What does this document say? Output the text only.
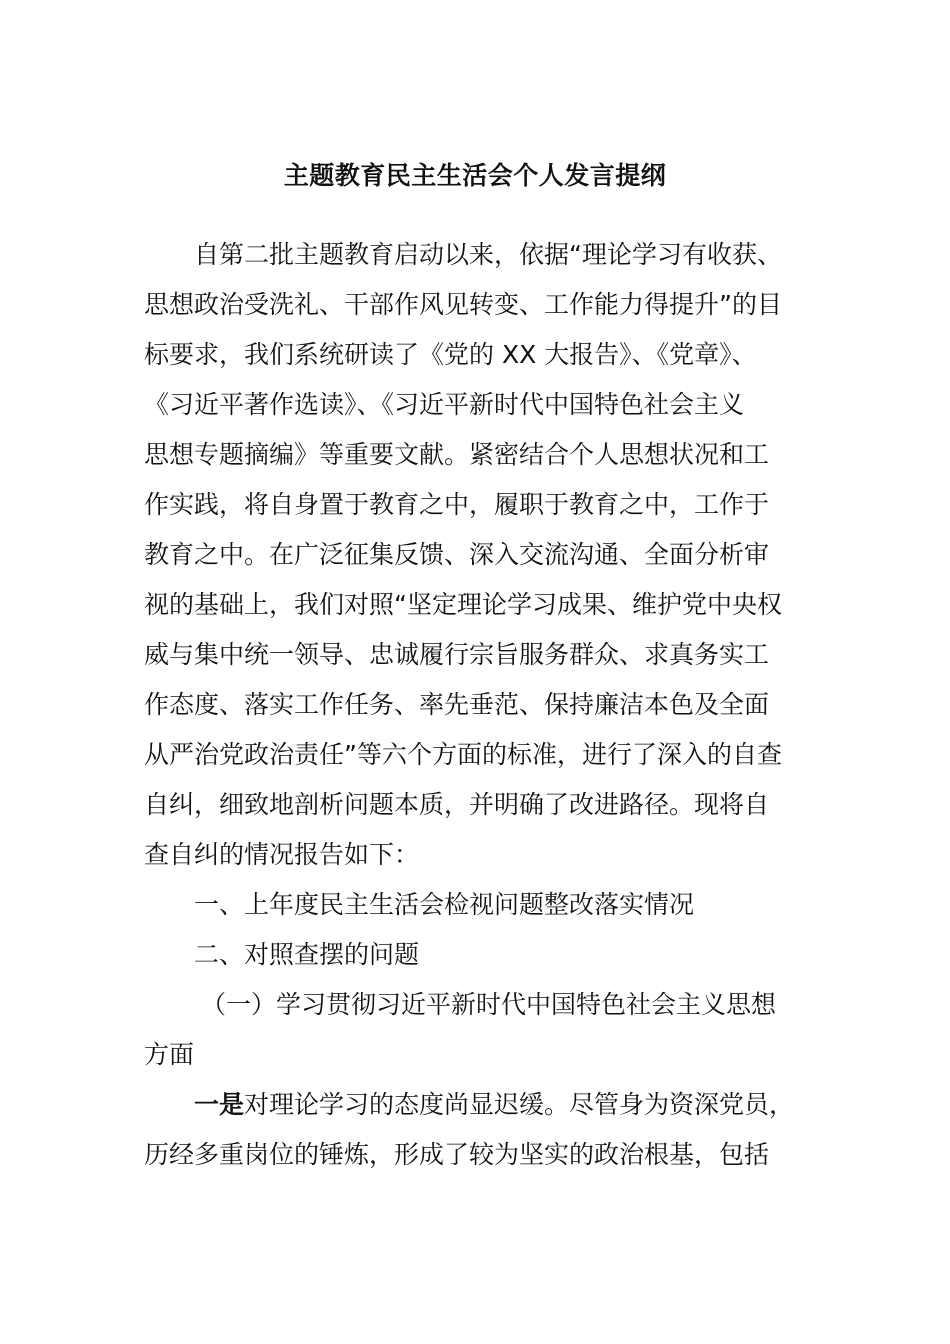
主题教育民主生活会个人发言提纲
自第二批主题教育启动以来，依据“理论学习有收获、
思想政治受洗礼、干部作风见转变、工作能力得提升”的目
标要求，我们系统研读了《党的 XX 大报告》、《党章》、
《习近平著作选读》、《习近平新时代中国特色社会主义
思想专题摘编》等重要文献。紧密结合个人思想状况和工
作实践，将自身置于教育之中，履职于教育之中，工作于
教育之中。在广泛征集反馈、深入交流沟通、全面分析审
视的基础上，我们对照“坚定理论学习成果、维护党中央权
威与集中统一领导、忠诚履行宗旨服务群众、求真务实工
作态度、落实工作任务、率先垂范、保持廉洁本色及全面
从严治党政治责任”等六个方面的标准，进行了深入的自查
自纠，细致地剖析问题本质，并明确了改进路径。现将自
查自纠的情况报告如下：
一、上年度民主生活会检视问题整改落实情况
二、对照查摆的问题
（一）学习贯彻习近平新时代中国特色社会主义思想
方面
一是对理论学习的态度尚显迟缓。尽管身为资深党员，
历经多重岗位的锤炼，形成了较为坚实的政治根基，包括
